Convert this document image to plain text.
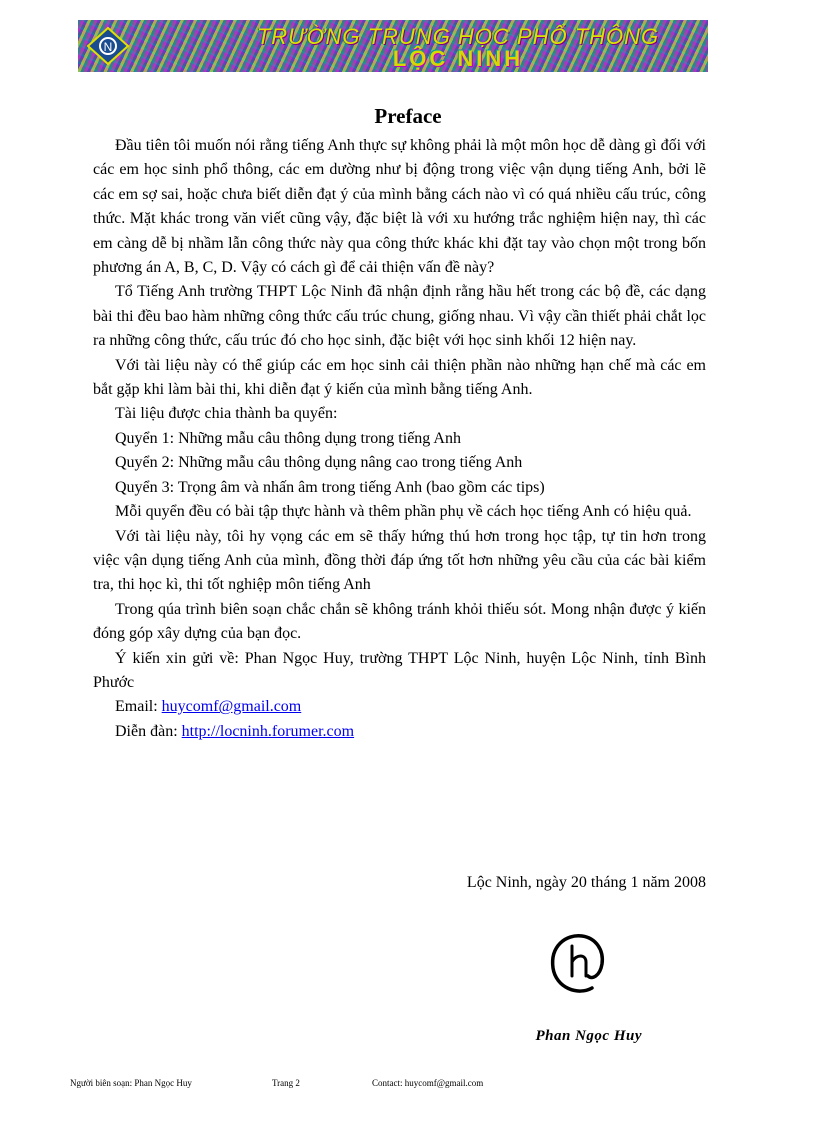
N	TRƯỜNG TRUNG HỌC PHỔ THÔNG
LỘC NINH
Preface

Đầu tiên tôi muốn nói rằng tiếng Anh thực sự không phải là một môn học dễ dàng gì đối với các em học sinh phổ thông, các em dường như bị động trong việc vận dụng tiếng Anh, bởi lẽ các em sợ sai, hoặc chưa biết diễn đạt ý của mình bằng cách nào vì có quá nhiều cấu trúc, công thức. Mặt khác trong văn viết cũng vậy, đặc biệt là với xu hướng trắc nghiệm hiện nay, thì các em càng dễ bị nhầm lẫn công thức này qua công thức khác khi đặt tay vào chọn một trong bốn phương án A, B, C, D. Vậy có cách gì để cải thiện vấn đề này?

Tổ Tiếng Anh trường THPT Lộc Ninh đã nhận định rằng hầu hết trong các bộ đề, các dạng bài thi đều bao hàm những công thức cấu trúc chung, giống nhau. Vì vậy cần thiết phải chắt lọc ra những công thức, cấu trúc đó cho học sinh, đặc biệt với học sinh khối 12 hiện nay.

Với tài liệu này có thể giúp các em học sinh cải thiện phần nào những hạn chế mà các em bắt gặp khi làm bài thi, khi diễn đạt ý kiến của mình bằng tiếng Anh.

Tài liệu được chia thành ba quyển:

Quyển 1: Những mẫu câu thông dụng trong tiếng Anh

Quyển 2: Những mẫu câu thông dụng nâng cao trong tiếng Anh

Quyển 3: Trọng âm và nhấn âm trong tiếng Anh (bao gồm các tips)

Mỗi quyển đều có bài tập thực hành và thêm phần phụ về cách học tiếng Anh có hiệu quả.

Với tài liệu này, tôi hy vọng các em sẽ thấy hứng thú hơn trong học tập, tự tin hơn trong việc vận dụng tiếng Anh của mình, đồng thời đáp ứng tốt hơn những yêu cầu của các bài kiểm tra, thi học kì, thi tốt nghiệp môn tiếng Anh

Trong qúa trình biên soạn chắc chắn sẽ không tránh khỏi thiếu sót. Mong nhận được ý kiến đóng góp xây dựng của bạn đọc.

Ý kiến xin gửi về: Phan Ngọc Huy, trường THPT Lộc Ninh, huyện Lộc Ninh, tỉnh Bình Phước

Email: huycomf@gmail.com

Diễn đàn: http://locninh.forumer.com

Lộc Ninh, ngày 20 tháng 1 năm 2008
Phan Ngọc Huy
Người biên soạn: Phan Ngọc Huy	Trang 2	Contact: huycomf@gmail.com
